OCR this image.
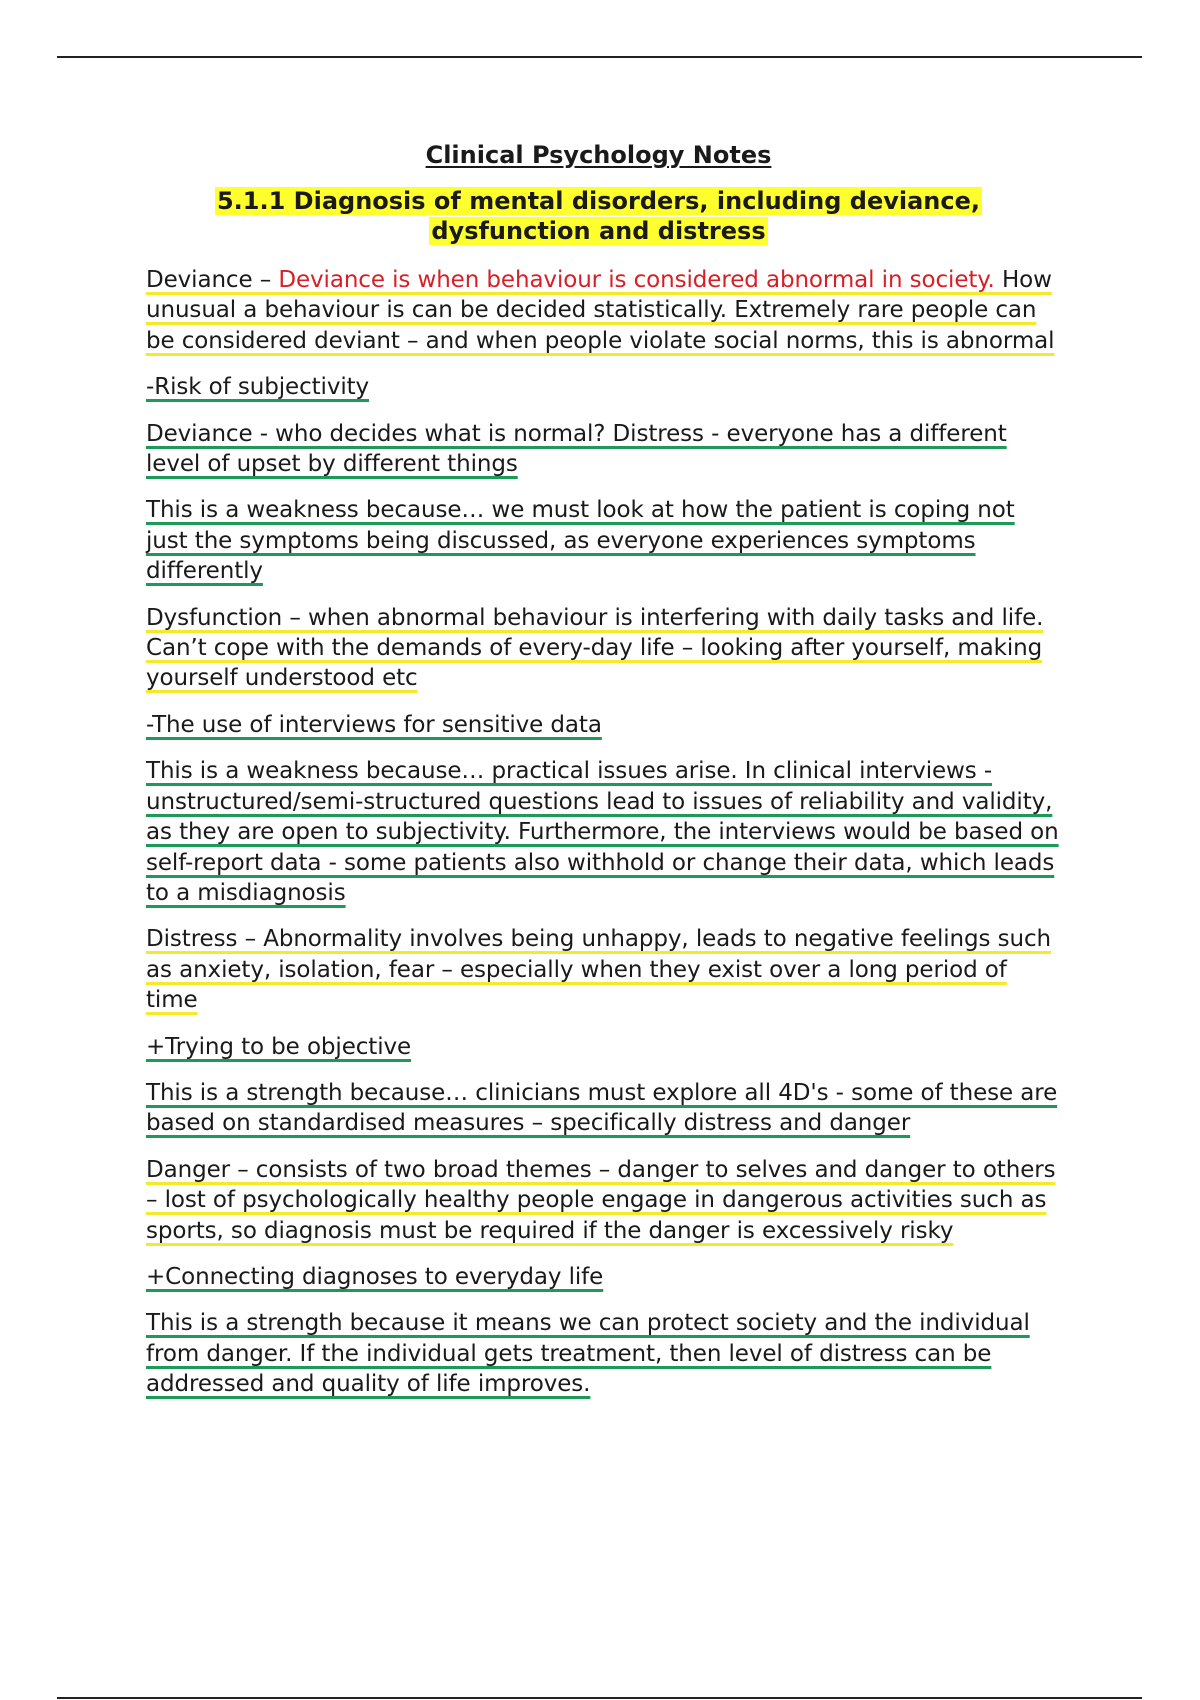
Clinical Psychology Notes

5.1.1 Diagnosis of mental disorders, including deviance,
dysfunction and distress

Deviance – Deviance is when behaviour is considered abnormal in society. How unusual a behaviour is can be decided statistically. Extremely rare people can be considered deviant – and when people violate social norms, this is abnormal

-Risk of subjectivity

Deviance - who decides what is normal? Distress - everyone has a different level of upset by different things

This is a weakness because… we must look at how the patient is coping not just the symptoms being discussed, as everyone experiences symptoms differently

Dysfunction – when abnormal behaviour is interfering with daily tasks and life. Can’t cope with the demands of every-day life – looking after yourself, making yourself understood etc

-The use of interviews for sensitive data

This is a weakness because… practical issues arise. In clinical interviews - unstructured/semi-structured questions lead to issues of reliability and validity, as they are open to subjectivity. Furthermore, the interviews would be based on self-report data - some patients also withhold or change their data, which leads to a misdiagnosis

Distress – Abnormality involves being unhappy, leads to negative feelings such as anxiety, isolation, fear – especially when they exist over a long period of time

+Trying to be objective

This is a strength because… clinicians must explore all 4D's - some of these are based on standardised measures – specifically distress and danger

Danger – consists of two broad themes – danger to selves and danger to others – lost of psychologically healthy people engage in dangerous activities such as sports, so diagnosis must be required if the danger is excessively risky

+Connecting diagnoses to everyday life

This is a strength because it means we can protect society and the individual from danger. If the individual gets treatment, then level of distress can be addressed and quality of life improves.
